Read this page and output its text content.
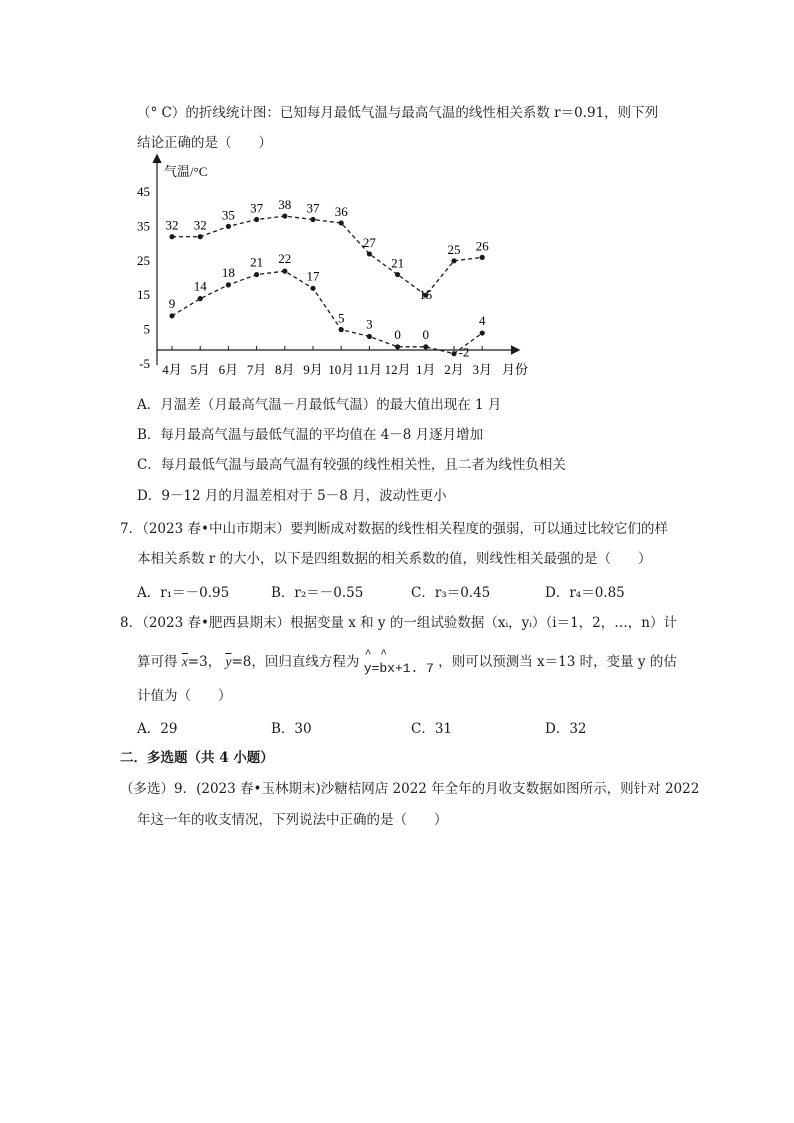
（° C）的折线统计图：已知每月最低气温与最高气温的线性相关系数 r＝0.91，则下列
结论正确的是（　　）
气温/°C
月份
-5
5
15
25
35
45
4月 5月 6月 7月 8月 9月 10月 11月 12月 1月 2月 3月
32 32
35 37 38 37 36
27
21
15
25 26
9
14
18
21 22
17
5 3
0 0
-2
4
A．月温差（月最高气温－月最低气温）的最大值出现在 1 月
B．每月最高气温与最低气温的平均值在 4－8 月逐月增加
C．每月最低气温与最高气温有较强的线性相关性，且二者为线性负相关
D．9－12 月的月温差相对于 5－8 月，波动性更小
7．（2023 春•中山市期末）要判断成对数据的线性相关程度的强弱，可以通过比较它们的样
本相关系数 r 的大小，以下是四组数据的相关系数的值，则线性相关最强的是（　　）
A．r₁＝－0.95	B．r₂＝－0.55	C．r₃＝0.45	D．r₄＝0.85
8．（2023 春•肥西县期末）根据变量 x 和 y 的一组试验数据（xᵢ，yᵢ）（i＝1，2，…，n）计
算可得 $\overline{x}=3$， $\overline{y}=8$，回归直线方程为 ^ y=^ bx+1. 7 ，则可以预测当 x＝13 时，变量 y 的估
计值为（　　）
A．29	B．30	C．31	D．32
二．多选题（共 4 小题）
（多选）9．(2023 春•玉林期末)沙糖桔网店 2022 年全年的月收支数据如图所示，则针对 2022
年这一年的收支情况，下列说法中正确的是（　　）
